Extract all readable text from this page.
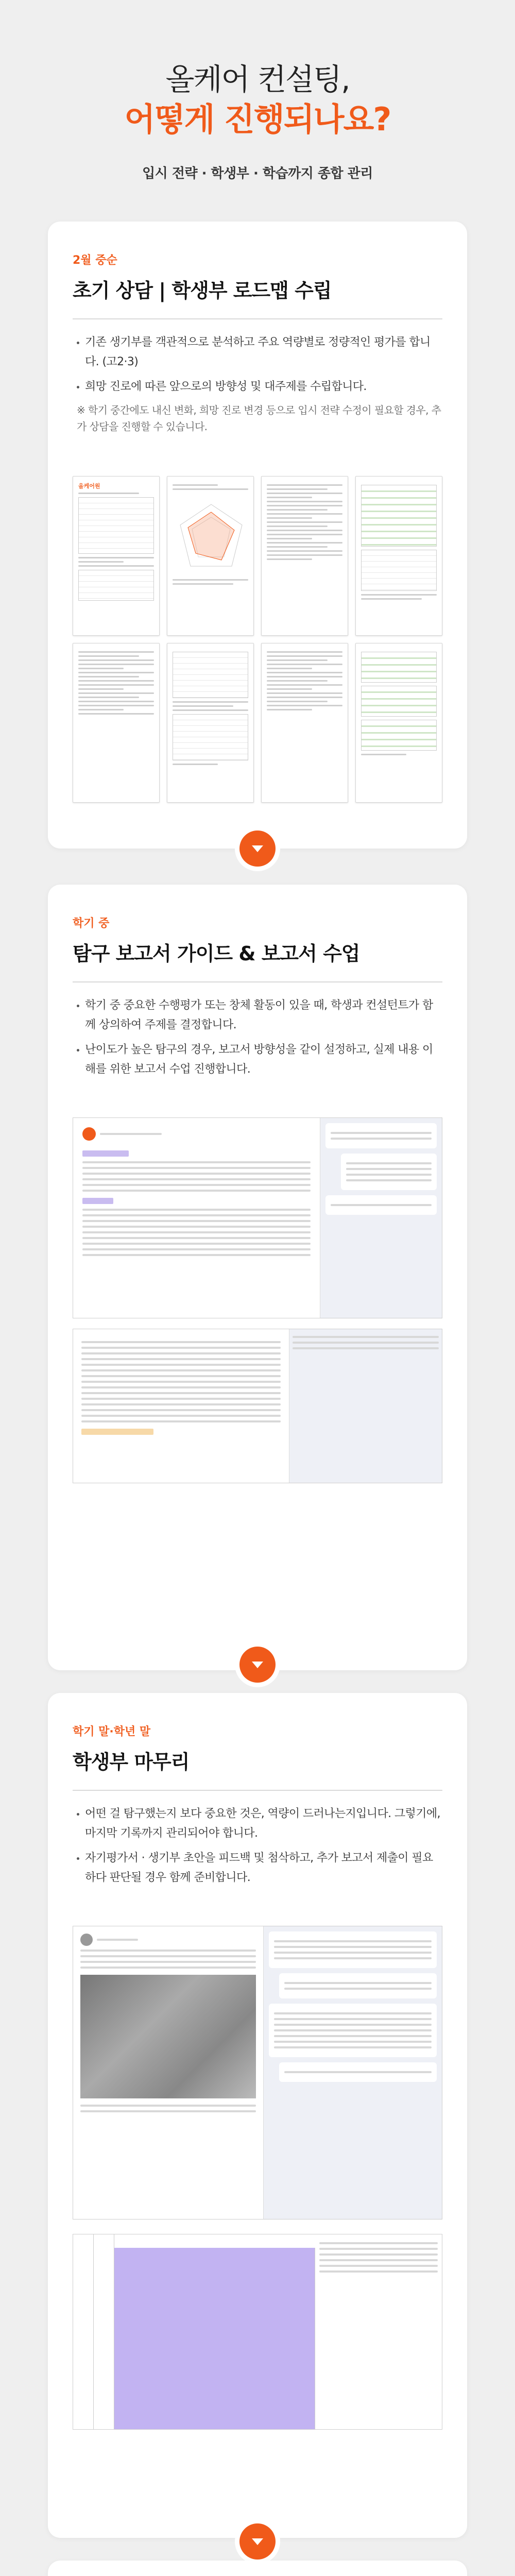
올케어 컨설팅,
어떻게 진행되나요?
입시 전략 · 학생부 · 학습까지 종합 관리
2월 중순
초기 상담 | 학생부 로드맵 수립
기존 생기부를 객관적으로 분석하고 주요 역량별로 정량적인 평가를 합니다. (고2·3)
희망 진로에 따른 앞으로의 방향성 및 대주제를 수립합니다.
※ 학기 중간에도 내신 변화, 희망 진로 변경 등으로 입시 전략 수정이 필요할 경우, 추가 상담을 진행할 수 있습니다.
올케어원
학기 중
탐구 보고서 가이드 & 보고서 수업
학기 중 중요한 수행평가 또는 창체 활동이 있을 때, 학생과 컨설턴트가 함께 상의하여 주제를 결정합니다.
난이도가 높은 탐구의 경우, 보고서 방향성을 같이 설정하고, 실제 내용 이해를 위한 보고서 수업 진행합니다.
학기 말·학년 말
학생부 마무리
어떤 걸 탐구했는지 보다 중요한 것은, 역량이 드러나는지입니다. 그렇기에, 마지막 기록까지 관리되어야 합니다.
자기평가서 · 생기부 초안을 피드백 및 첨삭하고, 추가 보고서 제출이 필요하다 판단될 경우 함께 준비합니다.
